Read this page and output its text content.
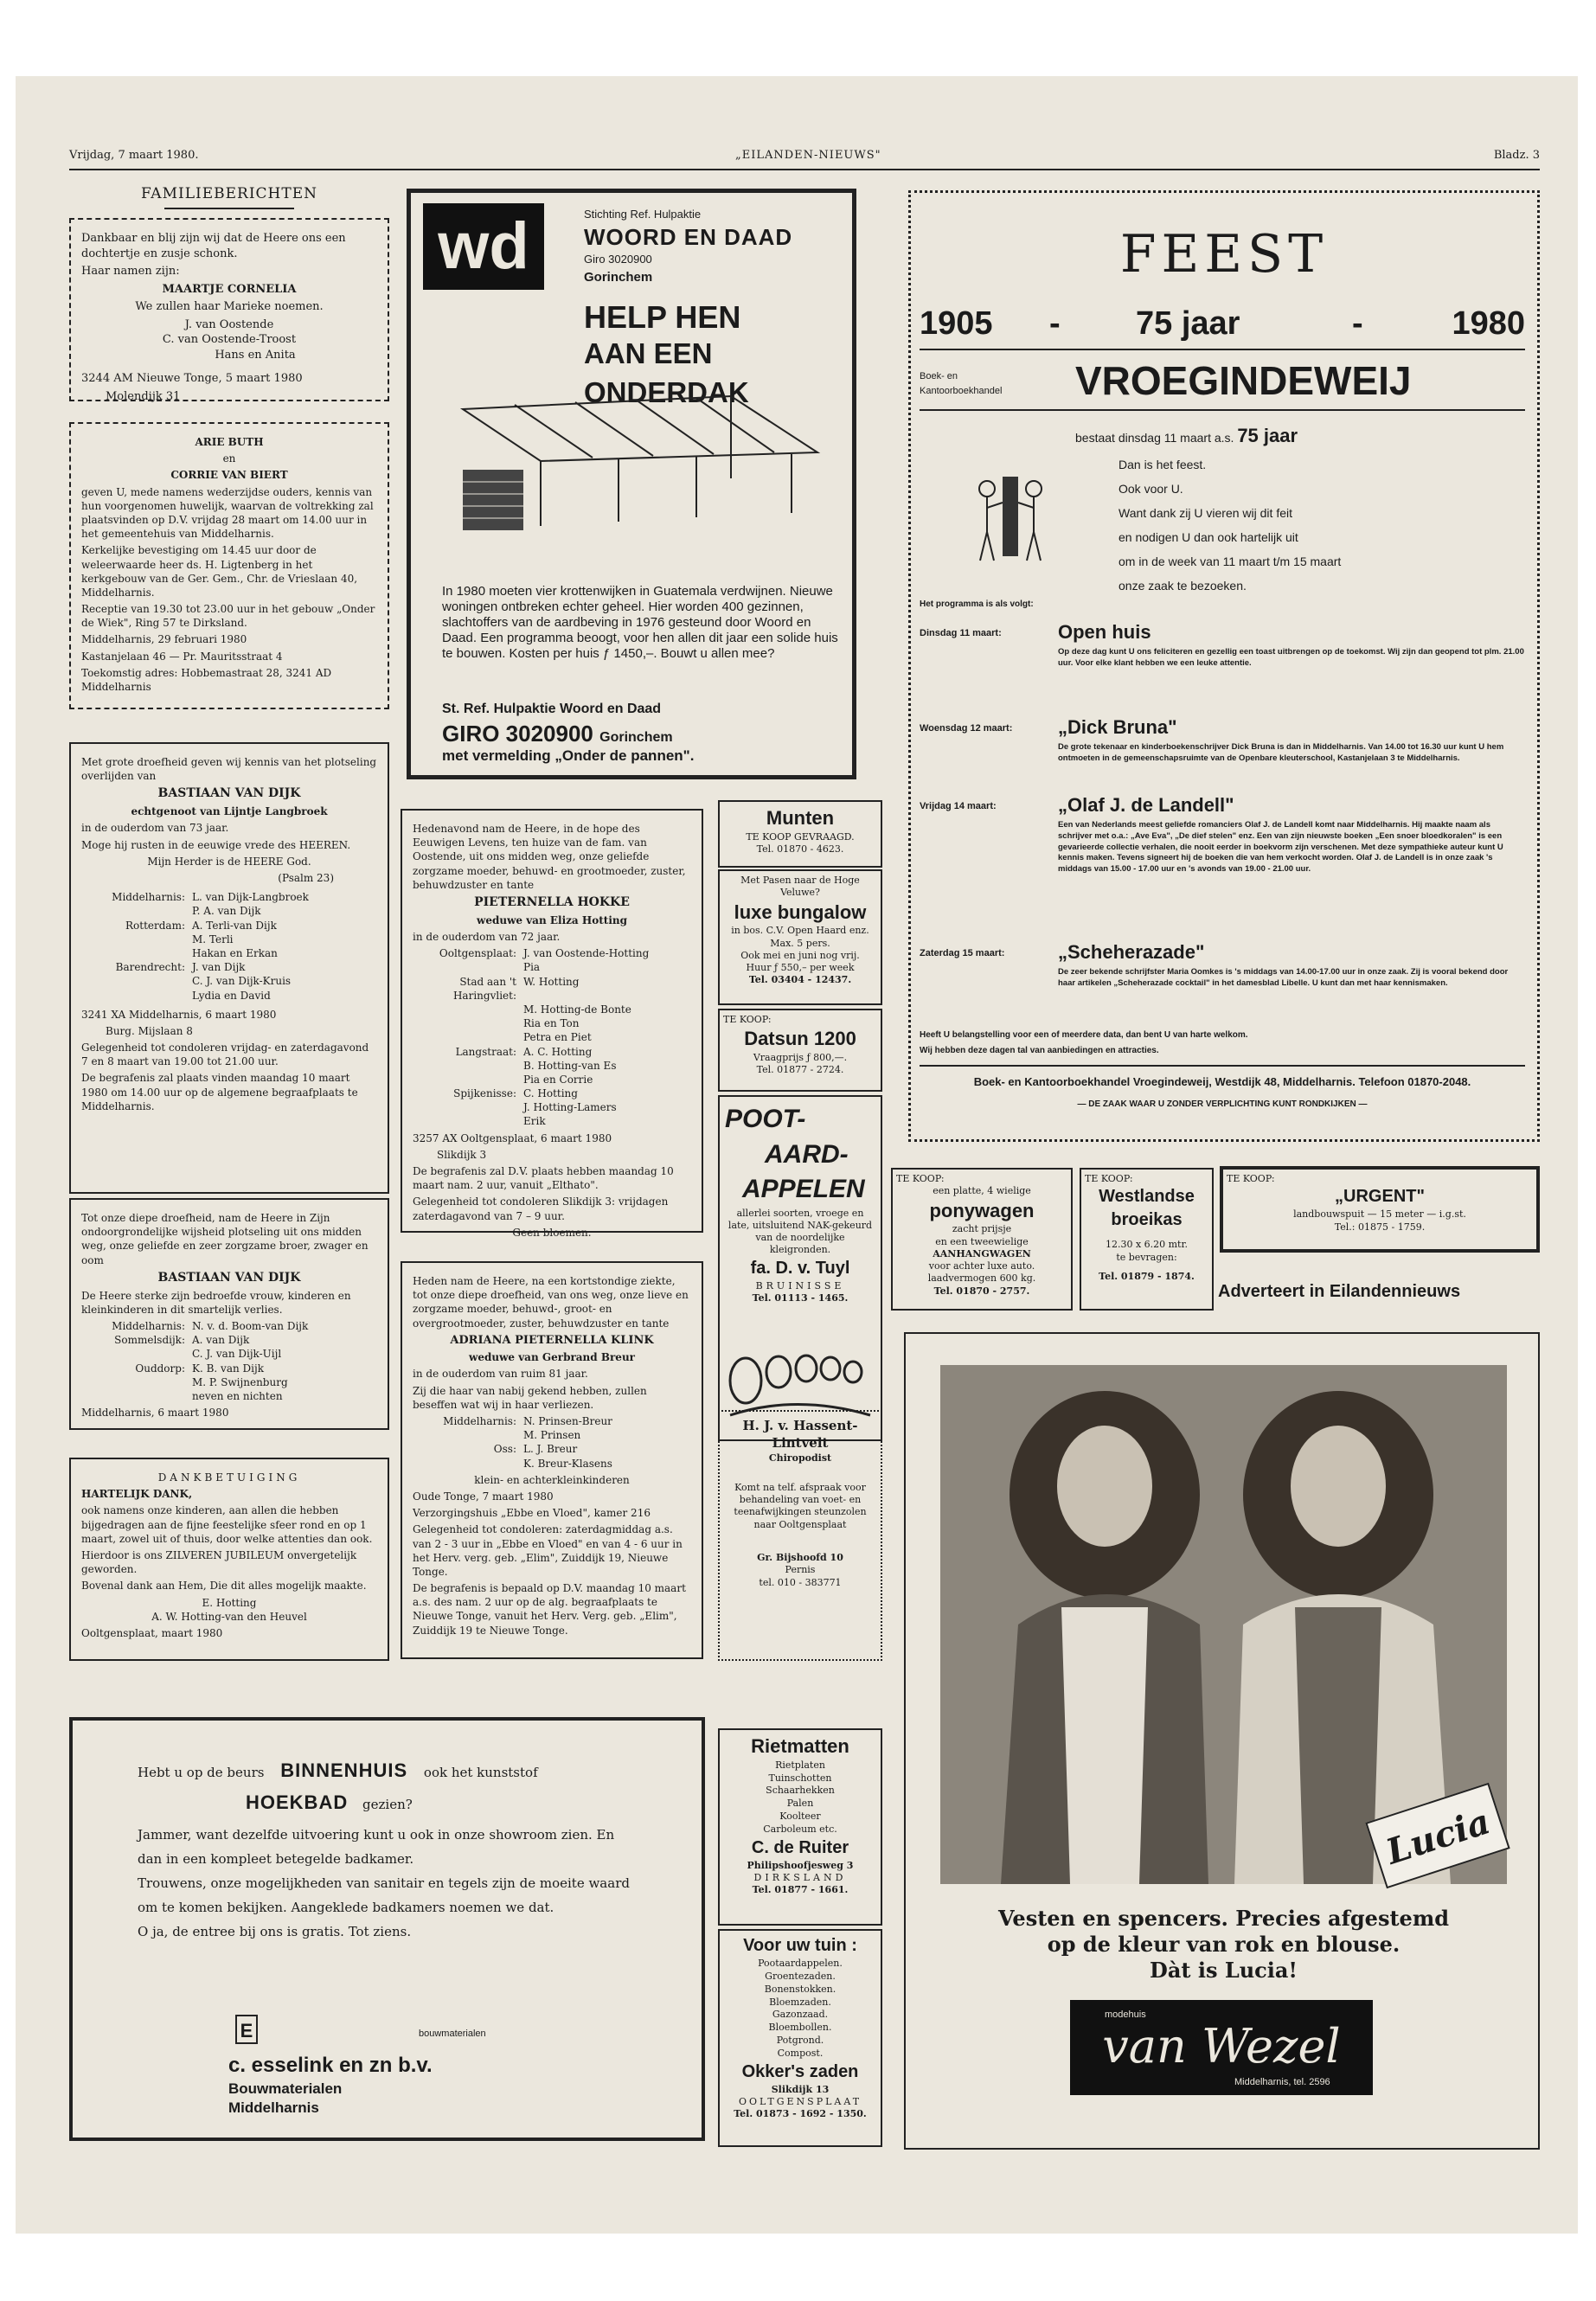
Vrijdag, 7 maart 1980.	„EILANDEN-NIEUWS"	Bladz. 3
FAMILIEBERICHTEN

Dankbaar en blij zijn wij dat de Heere ons een dochtertje en zusje schonk.

Haar namen zijn:

MAARTJE CORNELIA

We zullen haar Marieke noemen.

J. van Oostende

C. van Oostende-Troost

Hans en Anita

3244 AM Nieuwe Tonge, 5 maart 1980

Molendijk 31

ARIE BUTH

en

CORRIE VAN BIERT

geven U, mede namens wederzijdse ouders, kennis van hun voorgenomen huwelijk, waarvan de voltrekking zal plaatsvinden op D.V. vrijdag 28 maart om 14.00 uur in het gemeentehuis van Middelharnis.

Kerkelijke bevestiging om 14.45 uur door de weleerwaarde heer ds. H. Ligtenberg in het kerkgebouw van de Ger. Gem., Chr. de Vrieslaan 40, Middelharnis.

Receptie van 19.30 tot 23.00 uur in het gebouw „Onder de Wiek", Ring 57 te Dirksland.

Middelharnis, 29 februari 1980

Kastanjelaan 46 — Pr. Mauritsstraat 4

Toekomstig adres: Hobbemastraat 28, 3241 AD Middelharnis

Met grote droefheid geven wij kennis van het plotseling overlijden van

BASTIAAN VAN DIJK

echtgenoot van Lijntje Langbroek

in de ouderdom van 73 jaar.

Moge hij rusten in de eeuwige vrede des HEEREN.

Mijn Herder is de HEERE God.

(Psalm 23)

Middelharnis: L. van Dijk-Langbroek
P. A. van Dijk
Rotterdam: A. Terli-van Dijk
M. Terli
Hakan en Erkan
Barendrecht: J. van Dijk
C. J. van Dijk-Kruis
Lydia en David

3241 XA Middelharnis, 6 maart 1980

Burg. Mijslaan 8

Gelegenheid tot condoleren vrijdag- en zaterdagavond 7 en 8 maart van 19.00 tot 21.00 uur.

De begrafenis zal plaats vinden maandag 10 maart 1980 om 14.00 uur op de algemene begraafplaats te Middelharnis.

Tot onze diepe droefheid, nam de Heere in Zijn ondoorgrondelijke wijsheid plotseling uit ons midden weg, onze geliefde en zeer zorgzame broer, zwager en oom

BASTIAAN VAN DIJK

De Heere sterke zijn bedroefde vrouw, kinderen en kleinkinderen in dit smartelijk verlies.

Middelharnis: N. v. d. Boom-van Dijk
Sommelsdijk: A. van Dijk
C. J. van Dijk-Uijl
Ouddorp: K. B. van Dijk
M. P. Swijnenburg
neven en nichten

Middelharnis, 6 maart 1980

DANKBETUIGING

HARTELIJK DANK,

ook namens onze kinderen, aan allen die hebben bijgedragen aan de fijne feestelijke sfeer rond en op 1 maart, zowel uit of thuis, door welke attenties dan ook.

Hierdoor is ons ZILVEREN JUBILEUM onvergetelijk geworden.

Bovenal dank aan Hem, Die dit alles mogelijk maakte.

E. Hotting

A. W. Hotting-van den Heuvel

Ooltgensplaat, maart 1980

wd	Stichting Ref. Hulpaktie
WOORD EN DAAD
Giro 3020900
Gorinchem
HELP HEN
AAN EEN ONDERDAK
In 1980 moeten vier krottenwijken in Guatemala verdwijnen. Nieuwe woningen ontbreken echter geheel. Hier worden 400 gezinnen, slachtoffers van de aardbeving in 1976 gesteund door Woord en Daad. Een programma beoogt, voor hen allen dit jaar een solide huis te bouwen. Kosten per huis ƒ 1450,–. Bouwt u allen mee?
St. Ref. Hulpaktie Woord en Daad
GIRO 3020900 Gorinchem
met vermelding „Onder de pannen".

Hedenavond nam de Heere, in de hope des Eeuwigen Levens, ten huize van de fam. van Oostende, uit ons midden weg, onze geliefde zorgzame moeder, behuwd- en grootmoeder, zuster, behuwdzuster en tante

PIETERNELLA HOKKE

weduwe van Eliza Hotting

in de ouderdom van 72 jaar.

Ooltgensplaat: J. van Oostende-Hotting
Pia
Stad aan 't Haringvliet:
W. Hotting
M. Hotting-de Bonte
Ria en Ton
Petra en Piet
Langstraat: A. C. Hotting
B. Hotting-van Es
Pia en Corrie
Spijkenisse: C. Hotting
J. Hotting-Lamers
Erik

3257 AX Ooltgensplaat, 6 maart 1980

Slikdijk 3

De begrafenis zal D.V. plaats hebben maandag 10 maart nam. 2 uur, vanuit „Elthato".

Gelegenheid tot condoleren Slikdijk 3: vrijdagen zaterdagavond van 7 – 9 uur.

Geen bloemen.

Heden nam de Heere, na een kortstondige ziekte, tot onze diepe droefheid, van ons weg, onze lieve en zorgzame moeder, behuwd-, groot- en overgrootmoeder, zuster, behuwdzuster en tante

ADRIANA PIETERNELLA KLINK

weduwe van Gerbrand Breur

in de ouderdom van ruim 81 jaar.

Zij die haar van nabij gekend hebben, zullen beseffen wat wij in haar verliezen.

Middelharnis: N. Prinsen-Breur
M. Prinsen
Oss: L. J. Breur
K. Breur-Klasens

klein- en achterkleinkinderen

Oude Tonge, 7 maart 1980

Verzorgingshuis „Ebbe en Vloed", kamer 216

Gelegenheid tot condoleren: zaterdagmiddag a.s. van 2 - 3 uur in „Ebbe en Vloed" en van 4 - 6 uur in het Herv. verg. geb. „Elim", Zuiddijk 19, Nieuwe Tonge.

De begrafenis is bepaald op D.V. maandag 10 maart a.s. des nam. 2 uur op de alg. begraafplaats te Nieuwe Tonge, vanuit het Herv. Verg. geb. „Elim", Zuiddijk 19 te Nieuwe Tonge.

Munten
TE KOOP GEVRAAGD.
Tel. 01870 - 4623.
Met Pasen naar de Hoge Veluwe?
luxe bungalow
in bos. C.V. Open Haard enz. Max. 5 pers.
Ook mei en juni nog vrij.
Huur ƒ 550,– per week
Tel. 03404 - 12437.
TE KOOP:
Datsun 1200
Vraagprijs ƒ 800,—.
Tel. 01877 - 2724.
POOT-
AARD-
APPELEN
allerlei soorten, vroege en late, uitsluitend NAK-gekeurd van de noordelijke kleigronden.
fa. D. v. Tuyl
BRUINISSE
Tel. 01113 - 1465.
H. J. v. Hassent-Lintvelt
Chiropodist
Komt na telf. afspraak voor behandeling van voet- en teenafwijkingen steunzolen naar Ooltgensplaat
Gr. Bijshoofd 10
Pernis
tel. 010 - 383771
Rietmatten
Rietplaten
Tuinschotten
Schaarhekken
Palen
Koolteer
Carboleum etc.
C. de Ruiter
Philipshoofjesweg 3
DIRKSLAND
Tel. 01877 - 1661.
Voor uw tuin :
Pootaardappelen.
Groentezaden.
Bonenstokken.
Bloemzaden.
Gazonzaad.
Bloembollen.
Potgrond.
Compost.
Okker's zaden
Slikdijk 13
OOLTGENSPLAAT
Tel. 01873 - 1692 - 1350.
FEEST
1905 - 75 jaar	-	1980
Boek- en
Kantoorboekhandel VROEGINDEWEIJ
bestaat dinsdag 11 maart a.s. 75 jaar
Dan is het feest.
Ook voor U.
Want dank zij U vieren wij dit feit
en nodigen U dan ook hartelijk uit
om in de week van 11 maart t/m 15 maart
onze zaak te bezoeken.
Het programma is als volgt:
Dinsdag 11 maart:	Open huis
Op deze dag kunt U ons feliciteren en gezellig een toast uitbrengen op de toekomst. Wij zijn dan geopend tot plm. 21.00 uur. Voor elke klant hebben we een leuke attentie.
Woensdag 12 maart:	„Dick Bruna"
De grote tekenaar en kinderboekenschrijver Dick Bruna is dan in Middelharnis. Van 14.00 tot 16.30 uur kunt U hem ontmoeten in de gemeenschapsruimte van de Openbare kleuterschool, Kastanjelaan 3 te Middelharnis.
Vrijdag 14 maart:	„Olaf J. de Landell"
Een van Nederlands meest geliefde romanciers Olaf J. de Landell komt naar Middelharnis. Hij maakte naam als schrijver met o.a.: „Ave Eva", „De dief stelen" enz. Een van zijn nieuwste boeken „Een snoer bloedkoralen" is een gevarieerde collectie verhalen, die nooit eerder in boekvorm zijn verschenen. Met deze sympathieke auteur kunt U kennis maken. Tevens signeert hij de boeken die van hem verkocht worden. Olaf J. de Landell is in onze zaak 's middags van 15.00 - 17.00 uur en 's avonds van 19.00 - 21.00 uur.
Zaterdag 15 maart:	„Scheherazade"
De zeer bekende schrijfster Maria Oomkes is 's middags van 14.00-17.00 uur in onze zaak. Zij is vooral bekend door haar artikelen „Scheherazade cocktail" in het damesblad Libelle. U kunt dan met haar kennismaken.
Heeft U belangstelling voor een of meerdere data, dan bent U van harte welkom.
Wij hebben deze dagen tal van aanbiedingen en attracties.
Boek- en Kantoorboekhandel Vroegindeweij, Westdijk 48, Middelharnis. Telefoon 01870-2048.
— DE ZAAK WAAR U ZONDER VERPLICHTING KUNT RONDKIJKEN —
TE KOOP:
een platte, 4 wielige
ponywagen
zacht prijsje
en een tweewielige
AANHANGWAGEN
voor achter luxe auto.
laadvermogen 600 kg.
Tel. 01870 - 2757.
TE KOOP:
Westlandse
broeikas
12.30 x 6.20 mtr.
te bevragen:
Tel. 01879 - 1874.
TE KOOP:
„URGENT"
landbouwspuit — 15 meter — i.g.st.
Tel.: 01875 - 1759.
Adverteert in Eilandennieuws
Lucia
Vesten en spencers. Precies afgestemd
op de kleur van rok en blouse.
Dàt is Lucia!
modehuis
van Wezel
Middelharnis, tel. 2596
Hebt u op de beurs BINNENHUIS ook het kunststof
HOEKBAD gezien?
Jammer, want dezelfde uitvoering kunt u ook in onze showroom zien. En
dan in een kompleet betegelde badkamer.
Trouwens, onze mogelijkheden van sanitair en tegels zijn de moeite waard
om te komen bekijken. Aangeklede badkamers noemen we dat.
O ja, de entree bij ons is gratis. Tot ziens.
E	bouwmaterialen
c. esselink en zn b.v.
Bouwmaterialen
Middelharnis
